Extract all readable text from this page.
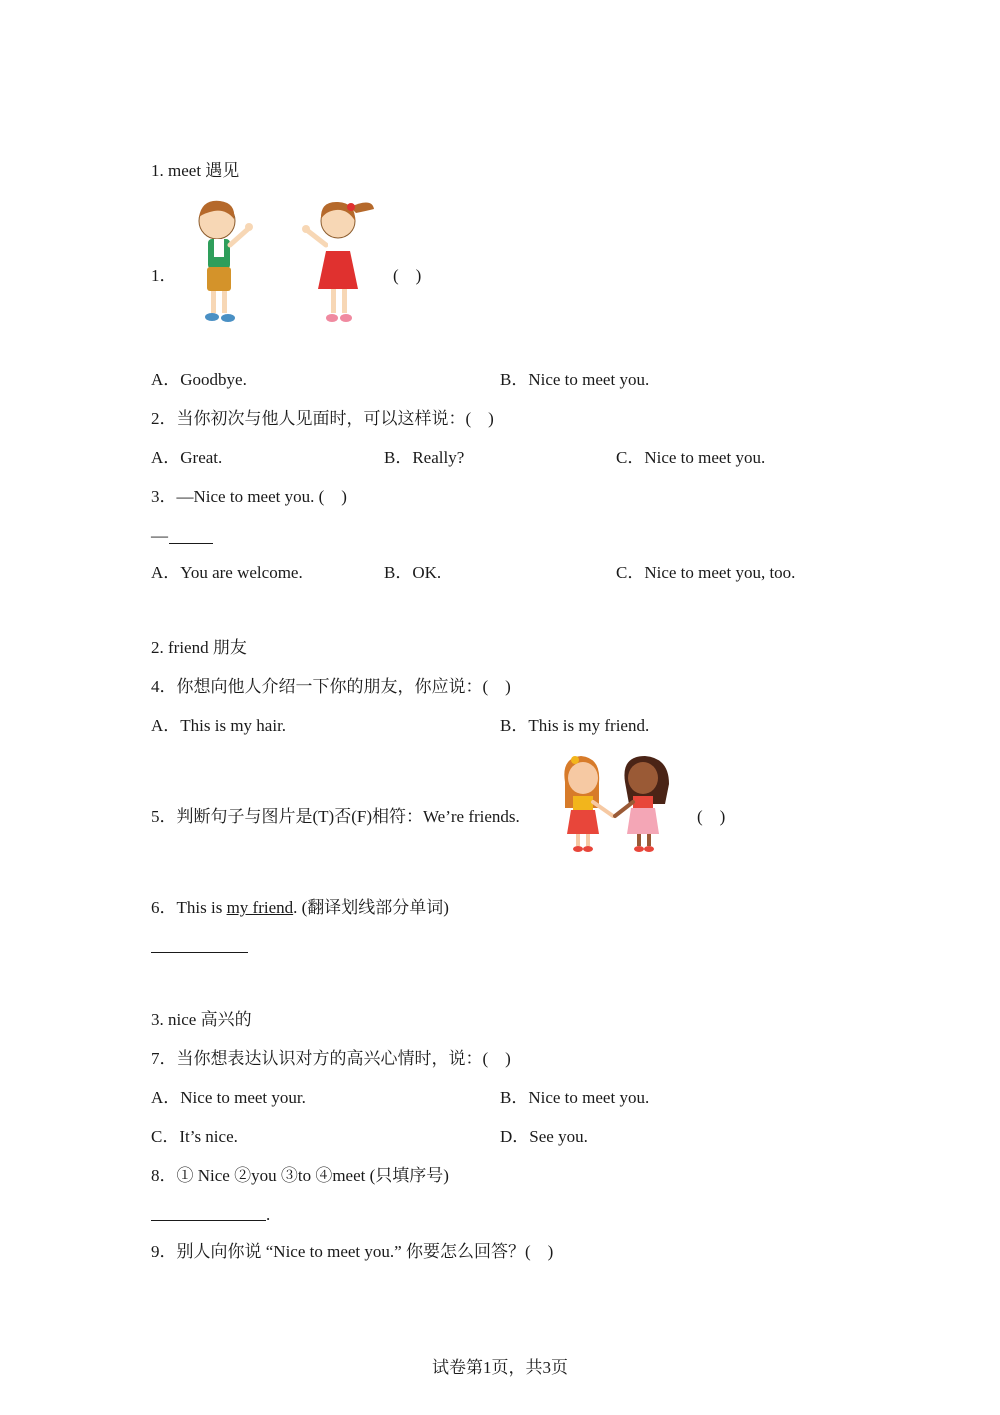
1. meet 遇见
1．	(　)
A．Goodbye.	B．Nice to meet you.
2．当你初次与他人见面时，可以这样说：(　)
A．Great.	B．Really?	C．Nice to meet you.
3．—Nice to meet you. (　)
—
A．You are welcome.	B．OK.	C．Nice to meet you, too.
2. friend 朋友
4．你想向他人介绍一下你的朋友，你应说：(　)
A．This is my hair.	B．This is my friend.
5．判断句子与图片是(T)否(F)相符：We’re friends.	(　)
6．This is my friend. (翻译划线部分单词)
3. nice 高兴的
7．当你想表达认识对方的高兴心情时，说：(　)
A．Nice to meet your.	B．Nice to meet you.
C．It’s nice.	D．See you.
8．① Nice ②you ③to ④meet (只填序号)
.
9．别人向你说 “Nice to meet you.” 你要怎么回答？(　)
试卷第1页，共3页
